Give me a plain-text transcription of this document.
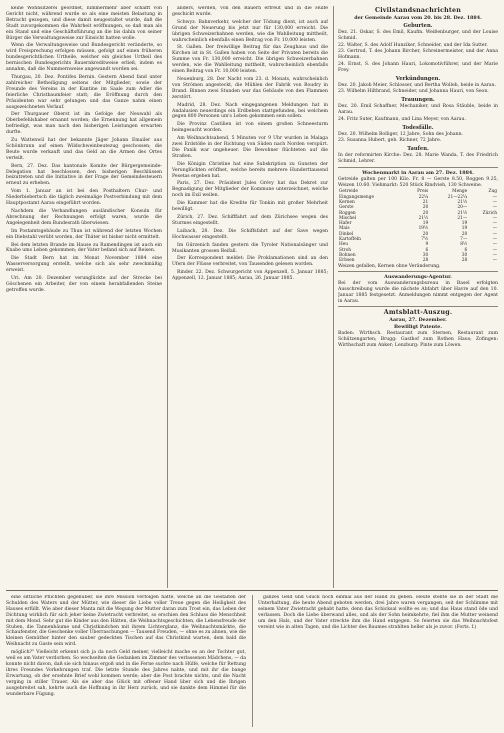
keine Wohnsitzerei geordnet, nimmermehr aber schafft von Gericht nicht, während wurde so als eine meisten Belastung in Betracht gezogen, und diese damit neugestaltet wurde, daß die Stadt zuvorgekommen die Wahrheit eröffnungen, so daß man als ein Stand und eine Geschäftsführung an die bis dahin von seiner Bürger die Verwaltungsweise zur Einsicht hatten wolle.

Wenn die Verwaltungsweise und Bundesgericht veränderte, so wird Freisprechung erfolgen müssen, gefolgt auf einen früheren bundesgerichtlichen Urtheile, welcher ein gleiches Urtheil des bernischen Bundesgerichts Bauernkreditweise erließ, indem es annahm, daß die Nummernweise angewandt worden sei.

Thurgau, 20. Dez. Pontifex Bernin. Gestern Abend fand unter zahlreicher Betheiligung seitens der Mitglieder, sowie der Freunde des Vereins in der Kantine im Saale zum Adler die feierliche Christbaumfeier statt; die Eröffnung durch den Präsidenten war sehr gelungen und das Ganze nahm einen ausgezeichneten Verlauf.

Der Thurgauer Oberst ist im Gefolge der Neuwahl als Oberbefehlshaber ernannt worden; die Ernennung hat allgemein befriedigt, was man nach den bisherigen Leistungen erwarten durfte.

Zu Wattenwil hat der bekannte Jäger Johann Emailer aus Schönbrunn auf einen Wildschweinbeutezug geschossen; die Beute wurde verkauft und das Geld an die Armen des Ortes verteilt.

Bern, 27. Dez. Das kantonale Komite der Bürgergemeinde-Delegation hat beschlossen, den bisherigen Beschlüssen beizutreten und die Initiative in der Frage der Gemeindesteuern erneut zu erheben.

Vom 1. Januar an ist bei den Posthaltern Chur- und Niederbiebertsch die täglich zweimalige Postverbindung mit dem Hauptpostamt Aarau eingeführt worden.

Nachdem die Verhandlungen ausländischer Konsuln für Abrechnung der Rechnungen erfolgt waren, wurde die Angelegenheit dem Bundesrath überwiesen.

Im Postamtsgebäude zu Thun ist während der letzten Wochen ein Diebstahl verübt worden, der Thäter ist bisher nicht ermittelt.

Bei dem letzten Brande im Hause zu Ramendingen ist auch ein Knabe ums Leben gekommen; der Vater befand sich auf Reisen.

Die Stadt Bern hat im Monat November 1884 eine Wasserversorgung erstellt, welche sich als sehr zweckmäßig erweist.

Uri. Am 20. Dezember verunglückte auf der Strecke bei Göschenen ein Arbeiter, der von einem herabfallenden Steine getroffen wurde.

anders, werden, von den Bauern erfreut und in die Hülfe geschickt wurde.

Schwyz. Bahnverkehr, welcher der Tödung dient, ist auch auf Grund der Neuerung bis jetzt nur für 130,000 erreicht. Die übrigen Schweizerbahnen werden, wie die Wahlleitung mittheilt, wahrscheinlich ebenfalls einen Beitrag von Fr. 10,000 leisten.

St. Gallen. Der freiwillige Beitrag für das Zeughaus und die Kirchen ist in St. Gallen haben von Seite der Privaten bereits die Summe von Fr. 130,000 erreicht. Die übrigen Schweizerbahnen werden, wie die Wahlleitung mittheilt, wahrscheinlich ebenfalls einen Beitrag von Fr. 10,000 leisten.

Neuenburg, 28. Der Nacht vom 23. d. Monats, wahrscheinlich von Strömen angesteckt, die Mühlen der Fabrik von Boudry in Brand. Binnen zwei Stunden war das Gebäude von den Flammen zerstört.

Madrid, 28. Dez. Nach eingegangenen Meldungen hat in Andalusien neuerdings ein Erdbeben stattgefunden, bei welchem gegen 800 Personen um's Leben gekommen sein sollen.

Die Provinz Castilien ist von einem großen Schneesturm heimgesucht worden.

Am Weihnachtsabend, 5 Minuten vor 9 Uhr wurden in Malaga zwei Erdstöße in der Richtung von Süden nach Norden verspürt. Die Panik war ungeheuer. Die Bewohner flüchteten auf die Straßen.

Die Königin Christine hat eine Subskription zu Gunsten der Verunglückten eröffnet, welche bereits mehrere Hunderttausend Pesetas ergeben hat.

Paris, 27. Dez. Präsident Jules Grévy hat das Dekret zur Begnadigung der Mitglieder der Kommune unterzeichnet, welche noch im Exil weilen.

Die Kammer hat die Kredite für Tonkin mit großer Mehrheit bewilligt.

Zürich, 27. Dez. Schifffahrt auf dem Zürichsee wegen des Sturmes eingestellt.

Laibach, 28. Dez. Die Schiffsfahrt auf der Save wegen Hochwasser eingestellt.

Im Gürzenich fanden gestern die Tyroler Nationalsänger und Musikanten grossen Beifall.

Der Korrespondent meldet: Die Proklamationen sind an den Ufern der Flüsse verbreitet, von Tausenden gelesen worden.

Rinder. 22. Dez. Schwurgericht von Appenzell, 5. Januar 1885; Appenzell, 12. Januar 1885; Aarau, 26. Januar 1885.

Civilstandsnachrichten
der Gemeinde Aarau vom 20. bis 28. Dez. 1884.
Geburten.
Dez. 21. Oskar, S. des Emil, Kaufm. Weißenburger, und der Louise Schmid.
22. Walter, S. des Adolf Hunziker, Schneider, und der Ida Sutter.
23. Gertrud, T. des Johann Bircher, Schreinermeister, und der Anna Hofmann.
24. Ernst, S. des Johann Hauri, Lokomotivführer, und der Marie Frey.
Verkündungen.
Dez. 20. Jakob Meier, Schlosser, und Bertha Wolleb, beide in Aarau.
23. Wilhelm Hiltbrand, Schneider, und Johanna Hauri, von Seon.
Trauungen.
Dez. 20. Emil Schaffner, Mechaniker, und Rosa Stäuble, beide in Aarau.
24. Fritz Suter, Kaufmann, und Lina Meyer, von Aarau.
Todesfälle.
Dez. 20. Wilhelm Bolliger, 12 Jahre, Sohn des Johann.
23. Susanna Hubert, geb. Richner, 72 Jahre.
Taufen.
In der reformirten Kirche: Dez. 28. Marie Wanda, T. des Friedrich Schmid, Lehrer.
Wochenmarkt in Aarau am 27. Dez. 1884.
Getreide galten per 100 Kilo. Fr. 8 — Gerste 8.50, Roggen 9.25, Weizen 10.60. Viehmarkt: 520 Stück Rindvieh, 130 Schweine.
Getreide	Preis	Menge	Zug
Eingangsmenge	22¼	21—22¼	—
Kernen	21	21½	—
Gerste	20	20—	—
Roggen	20	21½	Zürich
Mischel	21½	21—	—
Hafer	19	19	—
Mais	19½	19	—
Dinkel	20	20	—
Kartoffeln	7½	7—	—
Heu	9	8½	—
Stroh	6	6	—
Bohnen	30	30	—
Erbsen	28	28	—
Weizen gefallen, Kernen ohne Veränderung.
Auswanderungs-Agentur.
Bei der vom Auswanderungsbureau in Basel erfolgten Ausschreibung wurde die nächste Abfahrt über Havre auf den 10. Januar 1885 festgesetzt. Anmeldungen nimmt entgegen der Agent in Aarau.
Amtsblatt-Auszug.
Aarau, 27. Dezember.
Bewilligt Patente.
Baden: Wirthsch. Restaurant zum Sternen, Restaurant zum Schützengarten; Brugg: Gasthof zum Rothen Haus; Zofingen: Wirthschaft zum Anker; Lenzburg: Pinte zum Löwen.

eine sittliche Pflichten gegenüber, sie ihre Mission verfolgen hatte, welche an die Gestalten der Schulden des Waters und der Mütter, wie dieser die Liebe voller Treue gegen die Heiligkeit des Hauses erfüllt. Wie aber dieser Manta mit die Wegung der Mutter daran zum Trost ein, das Leben der Dichtung wirklich für sich jeher keine Zwietracht verbreitet, so erschien den Schluss die Menschheit mit dem Mond. Sehr gut die Kinder aus den Hätten, die Weihnachtsgeschichten, die Lebensfreude der Stuben, die Tannenbäume und Christkindchen mit ihrem Lichterglanz, die Weihnachtsmärkte, die Schaufenster, die Geschenke voller Überraschungen — Tausend Freuden, — ohne es zu ahnen, wie die kleinen Gemüther hinter den sauber gedeckten Tischen auf das Christkind warten, dem bald die Weihnacht zu Gaste sein wird.

möglich?" Vielleicht erkennt sich ja da noch Geld meiner, vielleicht mache es an der Tochter gut, weil es am Vater verdorben. So wechselten die Gedanken im Zimmer des verlassenen Mädchens, — da konnte nicht davon, daß sie sich hinaus ergoß und in die Ferne suchte nach Hülfe, welche für Rettung ihres Freundes Vorkehrungen traf. Die letzte Stunde des Jahres nahte, und mit ihr die bange Erwartung, ob der ersehnte Brief wohl kommen werde; aber die Post brachte nichts, und die Nacht verging in stiller Trauer. Als sie aber das Glück mit offener Hand über sich und die Ihrigen ausgebreitet sah, kehrte auch die Hoffnung in ihr Herz zurück, und sie dankte dem Himmel für die wunderbare Fügung.

ganzes Geld und Glück noch einmal aus der Hand zu geben. Heute stellte sie in der Stadt die Unterhaltung, die heute Abend geboten werden, drei Jahre waren vergangen, seit der Schlimme mit seinem Vater Zwietracht gehabt hatte, denn das Schicksal wollte es so; und das Haus stand öde und verlassen. Doch die Liebe überwand alles, und als der Sohn heimkehrte, fiel ihm die Mutter weinend um den Hals, und der Vater streckte ihm die Hand entgegen. So feierten sie das Weihnachtsfest vereint wie in alten Tagen, und die Lichter des Baumes strahlten heller als je zuvor. (Forts. f.)
